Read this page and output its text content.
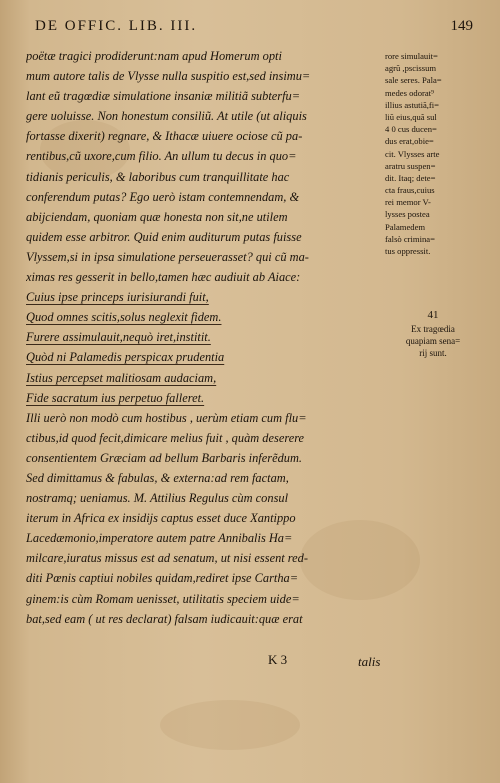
DE OFFIC. LIB. III.	149
poëtæ tragici prodiderunt:nam apud Homerum opti
mum autore talis de Vlysse nulla suspitio est,sed insimu=
lant eũ tragœdiæ simulatione insaniæ militiã subterfu=
gere uoluisse. Non honestum consiliũ. At utile (ut aliquis
fortasse dixerit) regnare, & Ithacæ uiuere ociose cũ pa-
rentibus,cũ uxore,cum filio. An ullum tu decus in quo=
tidianis periculis, & laboribus cum tranquillitate hac
conferendum putas? Ego uerò istam contemnendam, &
abijciendam, quoniam quæ honesta non sit,ne utilem
quidem esse arbitror. Quid enim auditurum putas fuisse
Vlyssem,si in ipsa simulatione perseuerasset? qui cũ ma-
ximas res gesserit in bello,tamen hæc audiuit ab Aiace:
Cuius ipse princeps iurisiurandi fuit,
Quod omnes scitis,solus neglexit fidem.
Furere assimulauit,nequò iret,institit.
Quòd ni Palamedis perspicax prudentia
Istius percepset malitiosam audaciam,
Fide sacratum ius perpetuo falleret.
Illi uerò non modò cum hostibus , uerùm etiam cum flu=
ctibus,id quod fecit,dimicare melius fuit , quàm deserere
consentientem Græciam ad bellum Barbaris inferẽdum.
Sed dimittamus & fabulas, & externa:ad rem factam,
nostramq; ueniamus. M. Attilius Regulus cùm consul
iterum in Africa ex insidijs captus esset duce Xantippo
Lacedæmonio,imperatore autem patre Annibalis Ha=
milcare,iuratus missus est ad senatum, ut nisi essent red-
diti Pœnis captiui nobiles quidam,rediret ipse Cartha=
ginem:is cùm Romam uenisset, utilitatis speciem uide=
bat,sed eam ( ut res declarat) falsam iudicauit:quæ erat
rore simulauit=
agrũ ,pscissum
sale seres. Pala=
medes odorat⁹
illius astutiã,fi=
liũ eius,quã sul
4 0 cus ducen=
dus erat,obie=
cit. Vlysses arte
aratru suspen=
dit. Itaq; dete=
cta fraus,cuius
rei memor V-
lysses postea
Palamedem
falsò crimina=
tus oppressit.
41
Ex tragœdia
quapiam sena=
rij sunt.
K 3	talis
